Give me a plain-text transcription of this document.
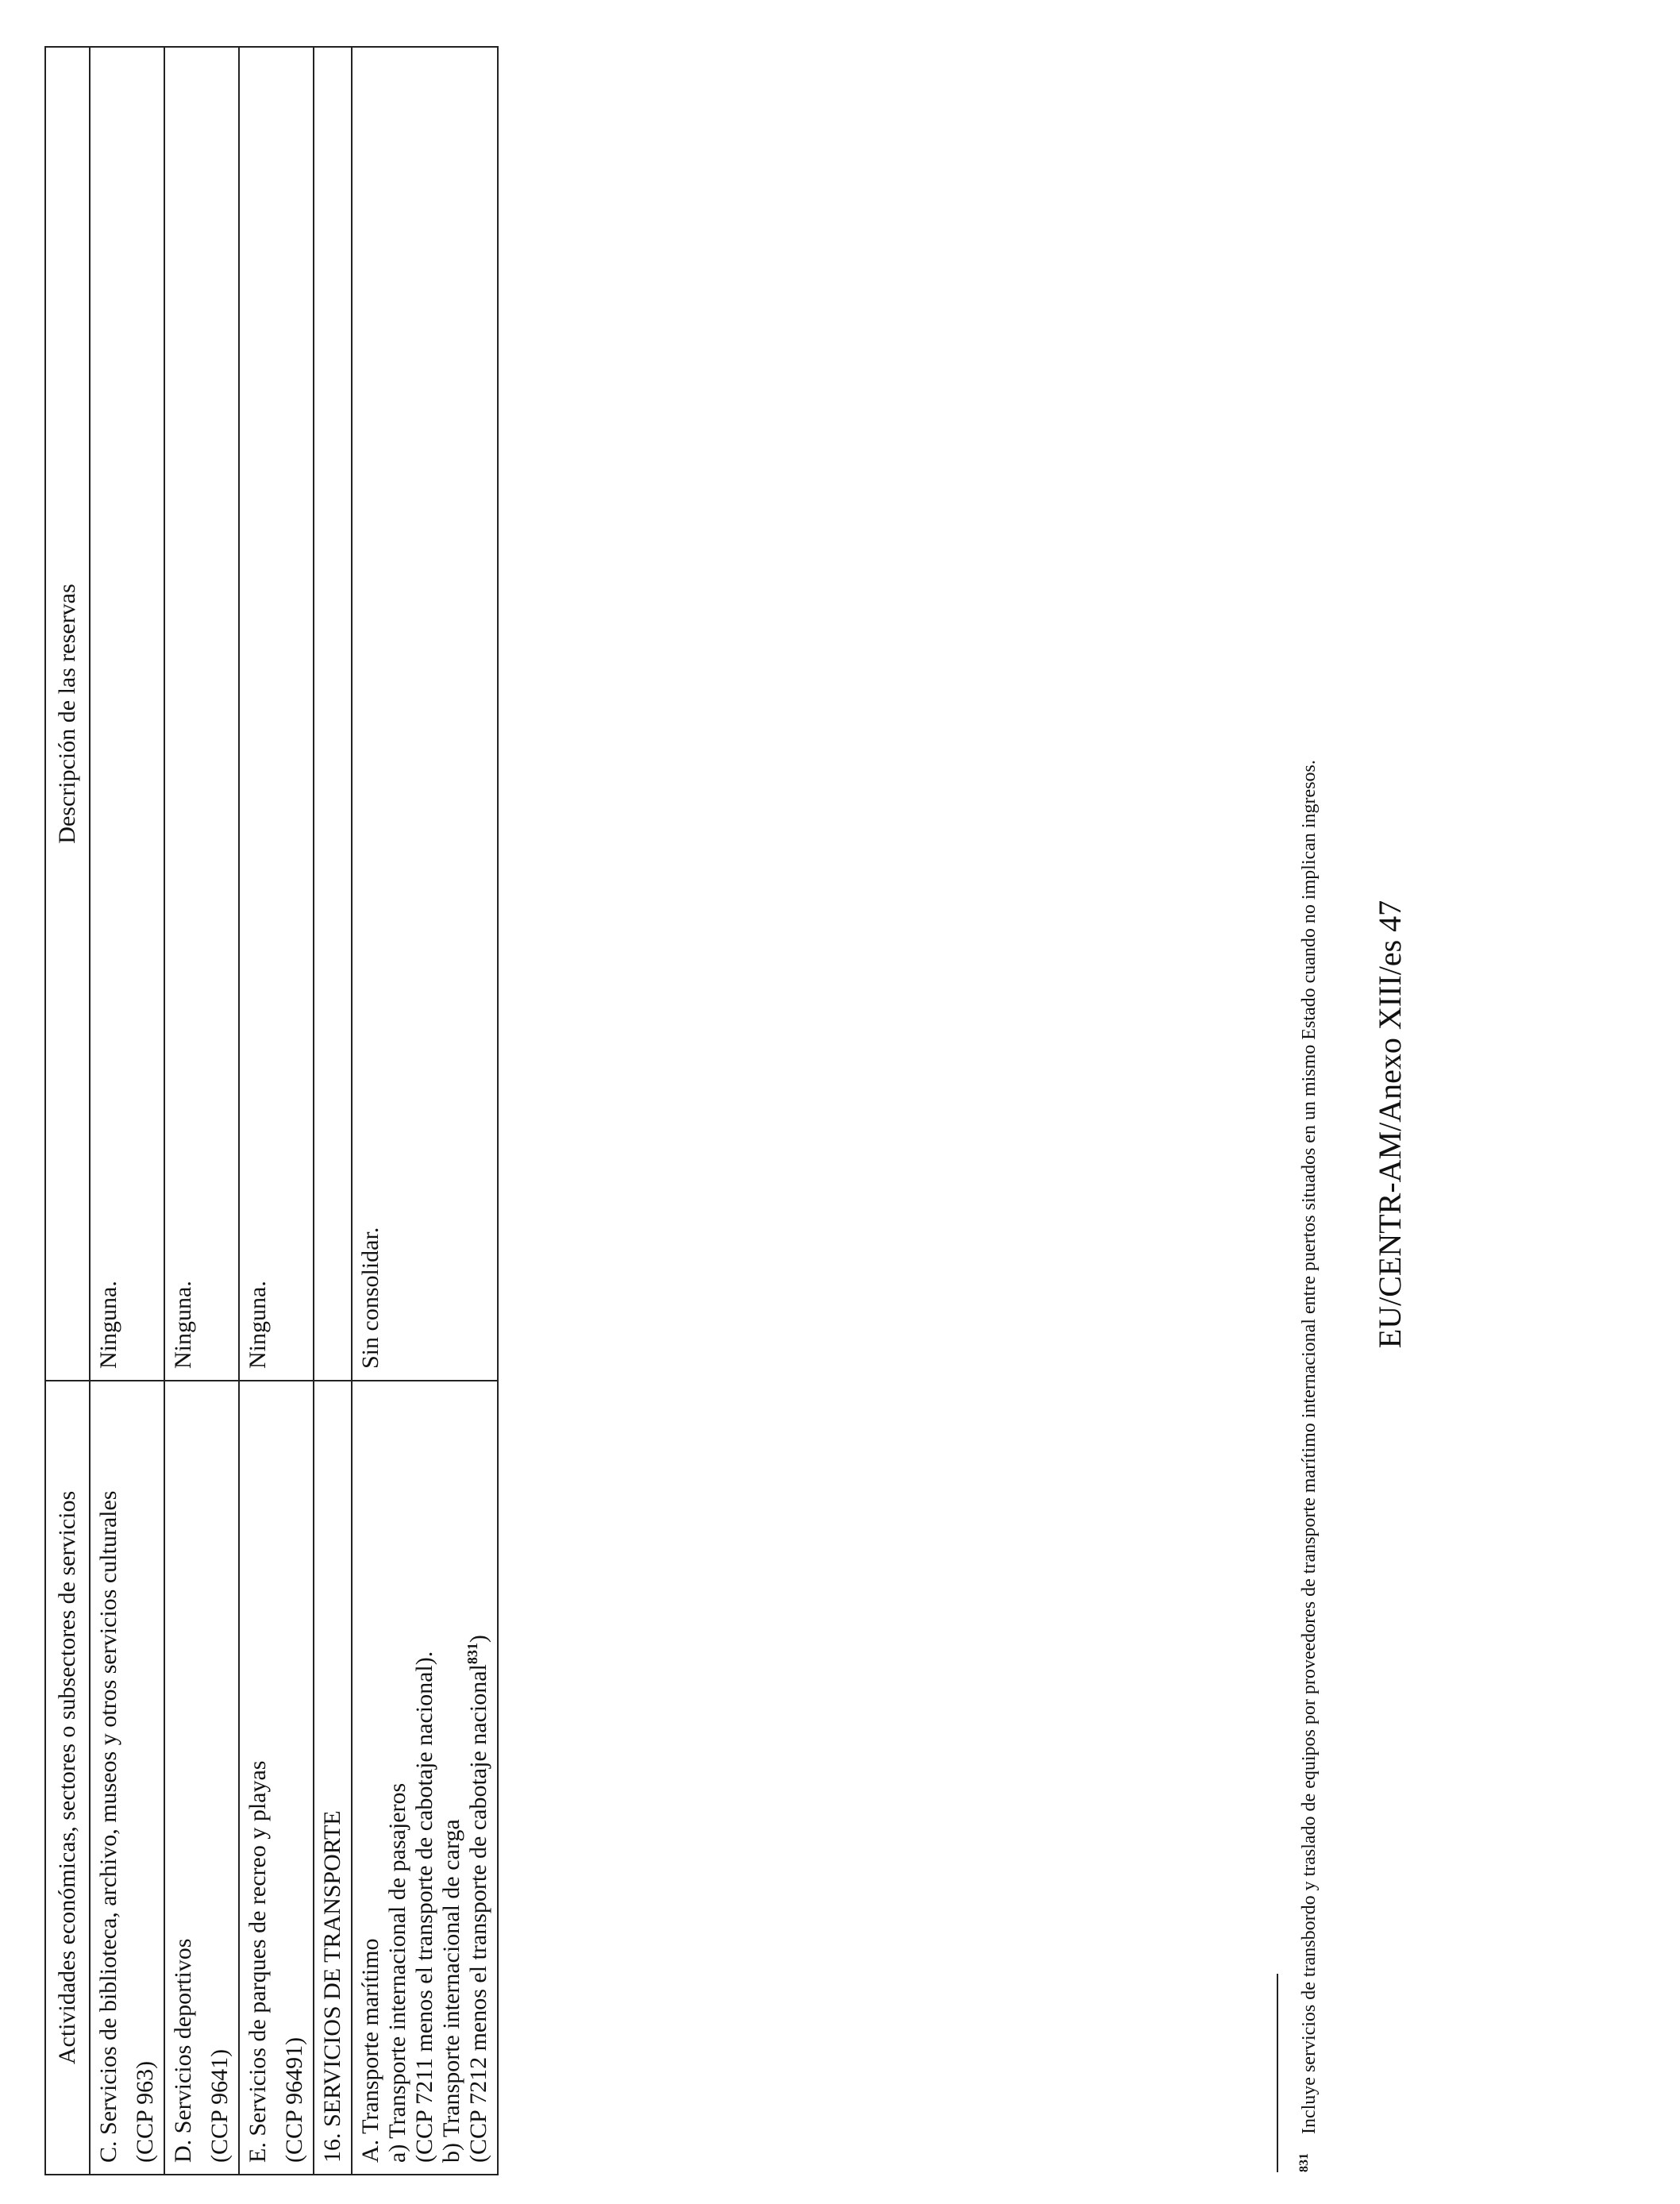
Actividades económicas, sectores o subsectores de servicios	Descripción de las reservas

C. Servicios de biblioteca, archivo, museos y otros servicios culturales (CCP 963)	Ninguna.

D. Servicios deportivos (CCP 9641)	Ninguna.

E. Servicios de parques de recreo y playas (CCP 96491)	Ninguna.
16. SERVICIOS DE TRANSPORTE	

A. Transporte marítimo a) Transporte internacional de pasajeros (CCP 7211 menos el transporte de cabotaje nacional). b) Transporte internacional de carga (CCP 7212 menos el transporte de cabotaje nacional$^{831}$)	Sin consolidar.
$^{831}$Incluye servicios de transbordo y traslado de equipos por proveedores de transporte marítimo internacional entre puertos situados en un mismo Estado cuando no implican ingresos. EU/CENTR-AM/Anexo XIII/es 47
